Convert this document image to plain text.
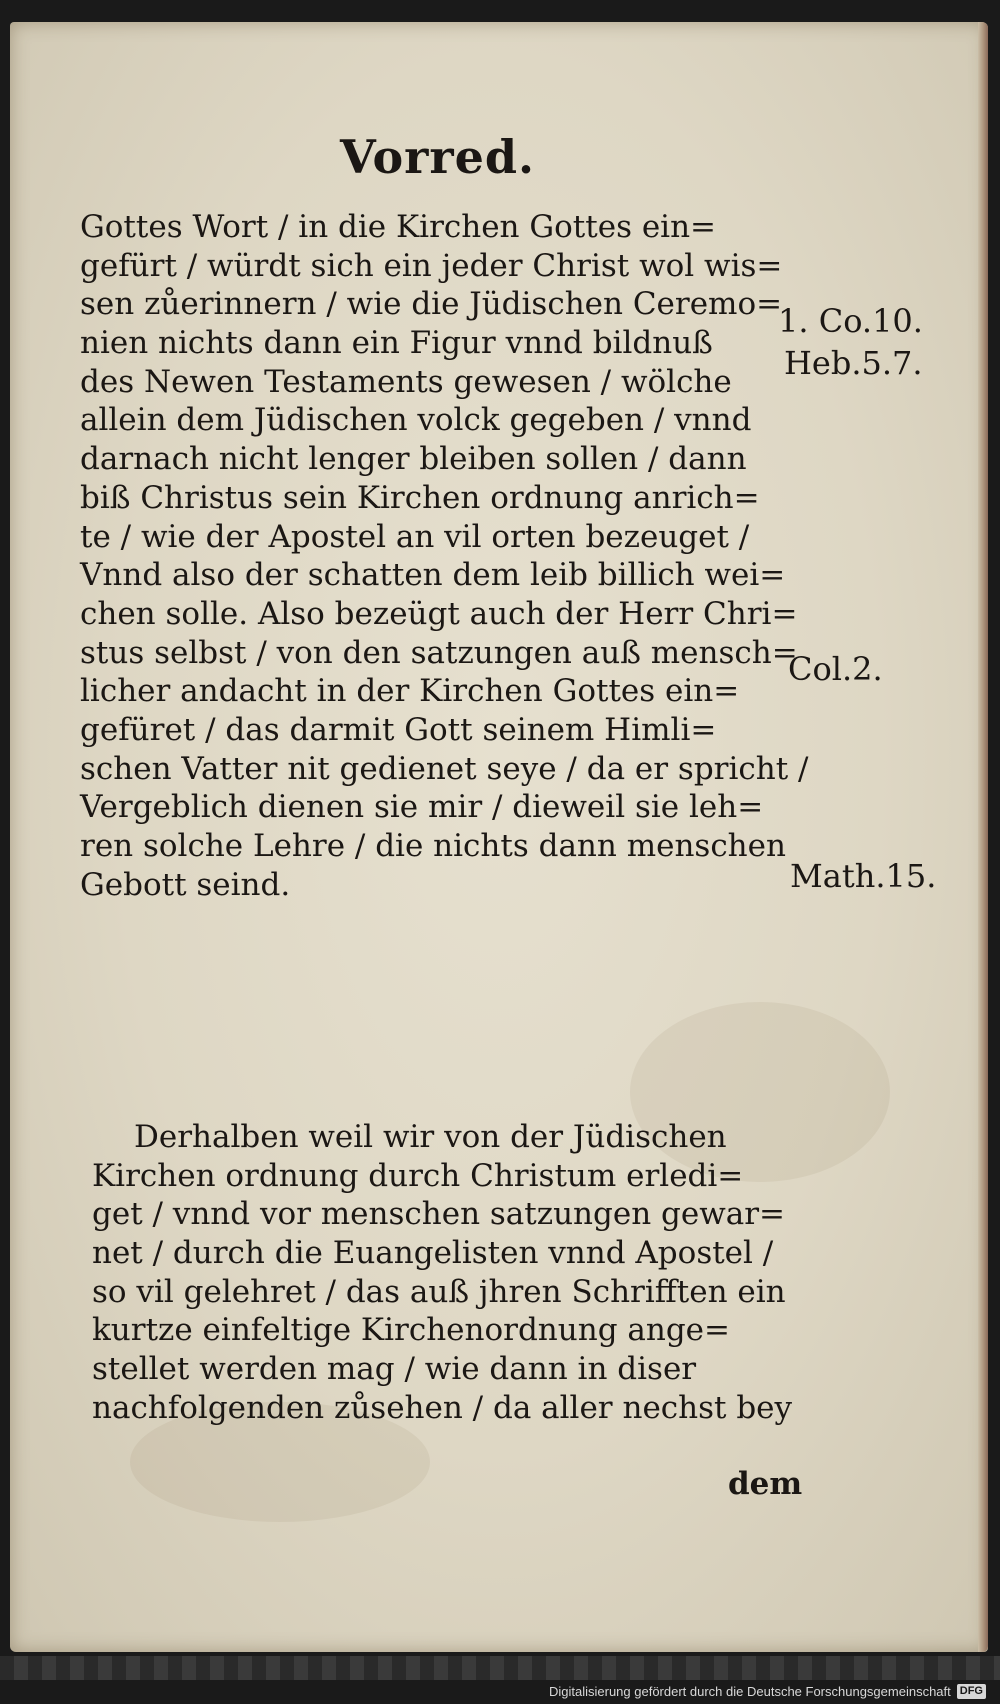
Vorred.
Gottes Wort / in die Kirchen Gottes ein=
gefürt / würdt sich ein jeder Christ wol wis=
sen zůerinnern / wie die Jüdischen Ceremo=
nien nichts dann ein Figur vnnd bildnuß
des Newen Testaments gewesen / wölche
allein dem Jüdischen volck gegeben / vnnd
darnach nicht lenger bleiben sollen / dann
biß Christus sein Kirchen ordnung anrich=
te / wie der Apostel an vil orten bezeuget /
Vnnd also der schatten dem leib billich wei=
chen solle. Also bezeügt auch der Herr Chri=
stus selbst / von den satzungen auß mensch=
licher andacht in der Kirchen Gottes ein=
gefüret / das darmit Gott seinem Himli=
schen Vatter nit gedienet seye / da er spricht /
Vergeblich dienen sie mir / dieweil sie leh=
ren solche Lehre / die nichts dann menschen
Gebott seind.
1. Co.10.
Heb.5.7.
Col.2.
Math.15.
Derhalben weil wir von der Jüdischen
Kirchen ordnung durch Christum erledi=
get / vnnd vor menschen satzungen gewar=
net / durch die Euangelisten vnnd Apostel /
so vil gelehret / das auß jhren Schrifften ein
kurtze einfeltige Kirchenordnung ange=
stellet werden mag / wie dann in diser
nachfolgenden zůsehen / da aller nechst bey
dem
Digitalisierung gefördert durch die Deutsche Forschungsgemeinschaft DFG
